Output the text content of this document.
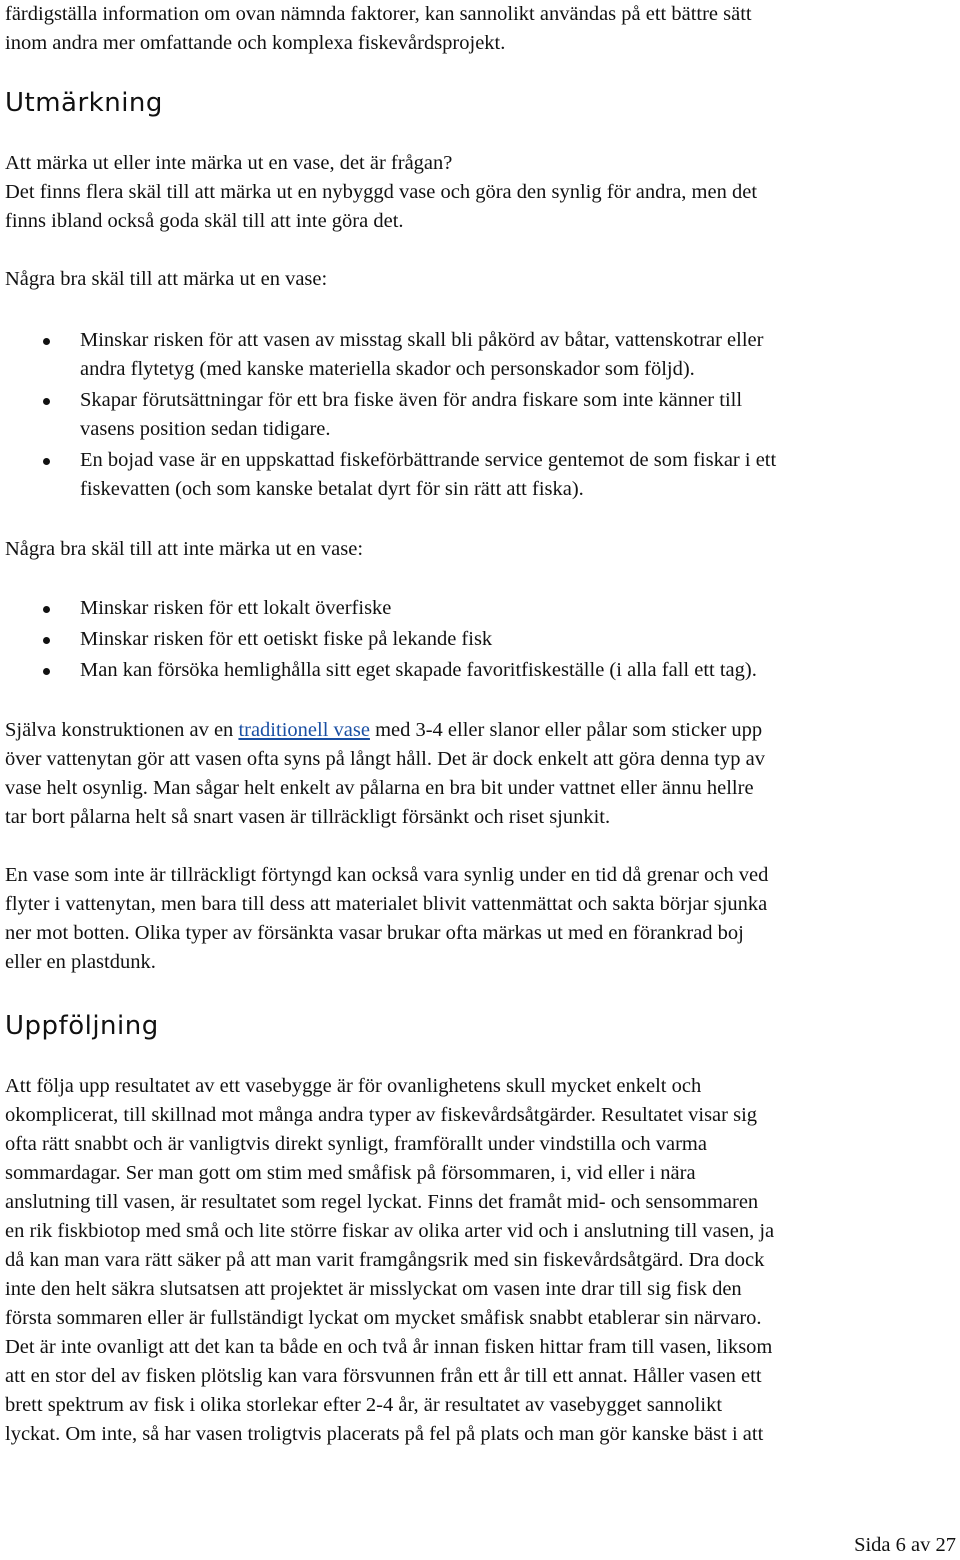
färdigställa information om ovan nämnda faktorer, kan sannolikt användas på ett bättre sätt

inom andra mer omfattande och komplexa fiskevårdsprojekt.

Utmärkning

Att märka ut eller inte märka ut en vase, det är frågan?

Det finns flera skäl till att märka ut en nybyggd vase och göra den synlig för andra, men det

finns ibland också goda skäl till att inte göra det.

Några bra skäl till att märka ut en vase:

Minskar risken för att vasen av misstag skall bli påkörd av båtar, vattenskotrar eller
andra flytetyg (med kanske materiella skador och personskador som följd).
Skapar förutsättningar för ett bra fiske även för andra fiskare som inte känner till
vasens position sedan tidigare.
En bojad vase är en uppskattad fiskeförbättrande service gentemot de som fiskar i ett
fiskevatten (och som kanske betalat dyrt för sin rätt att fiska).

Några bra skäl till att inte märka ut en vase:

Minskar risken för ett lokalt överfiske
Minskar risken för ett oetiskt fiske på lekande fisk
Man kan försöka hemlighålla sitt eget skapade favoritfiskeställe (i alla fall ett tag).

Själva konstruktionen av en traditionell vase med 3-4 eller slanor eller pålar som sticker upp

över vattenytan gör att vasen ofta syns på långt håll. Det är dock enkelt att göra denna typ av

vase helt osynlig. Man sågar helt enkelt av pålarna en bra bit under vattnet eller ännu hellre

tar bort pålarna helt så snart vasen är tillräckligt försänkt och riset sjunkit.

En vase som inte är tillräckligt förtyngd kan också vara synlig under en tid då grenar och ved

flyter i vattenytan, men bara till dess att materialet blivit vattenmättat och sakta börjar sjunka

ner mot botten. Olika typer av försänkta vasar brukar ofta märkas ut med en förankrad boj

eller en plastdunk.

Uppföljning

Att följa upp resultatet av ett vasebygge är för ovanlighetens skull mycket enkelt och

okomplicerat, till skillnad mot många andra typer av fiskevårdsåtgärder. Resultatet visar sig

ofta rätt snabbt och är vanligtvis direkt synligt, framförallt under vindstilla och varma

sommardagar. Ser man gott om stim med småfisk på försommaren, i, vid eller i nära

anslutning till vasen, är resultatet som regel lyckat. Finns det framåt mid- och sensommaren

en rik fiskbiotop med små och lite större fiskar av olika arter vid och i anslutning till vasen, ja

då kan man vara rätt säker på att man varit framgångsrik med sin fiskevårdsåtgärd. Dra dock

inte den helt säkra slutsatsen att projektet är misslyckat om vasen inte drar till sig fisk den

första sommaren eller är fullständigt lyckat om mycket småfisk snabbt etablerar sin närvaro.

Det är inte ovanligt att det kan ta både en och två år innan fisken hittar fram till vasen, liksom

att en stor del av fisken plötslig kan vara försvunnen från ett år till ett annat. Håller vasen ett

brett spektrum av fisk i olika storlekar efter 2-4 år, är resultatet av vasebygget sannolikt

lyckat. Om inte, så har vasen troligtvis placerats på fel på plats och man gör kanske bäst i att

Sida 6 av 27
